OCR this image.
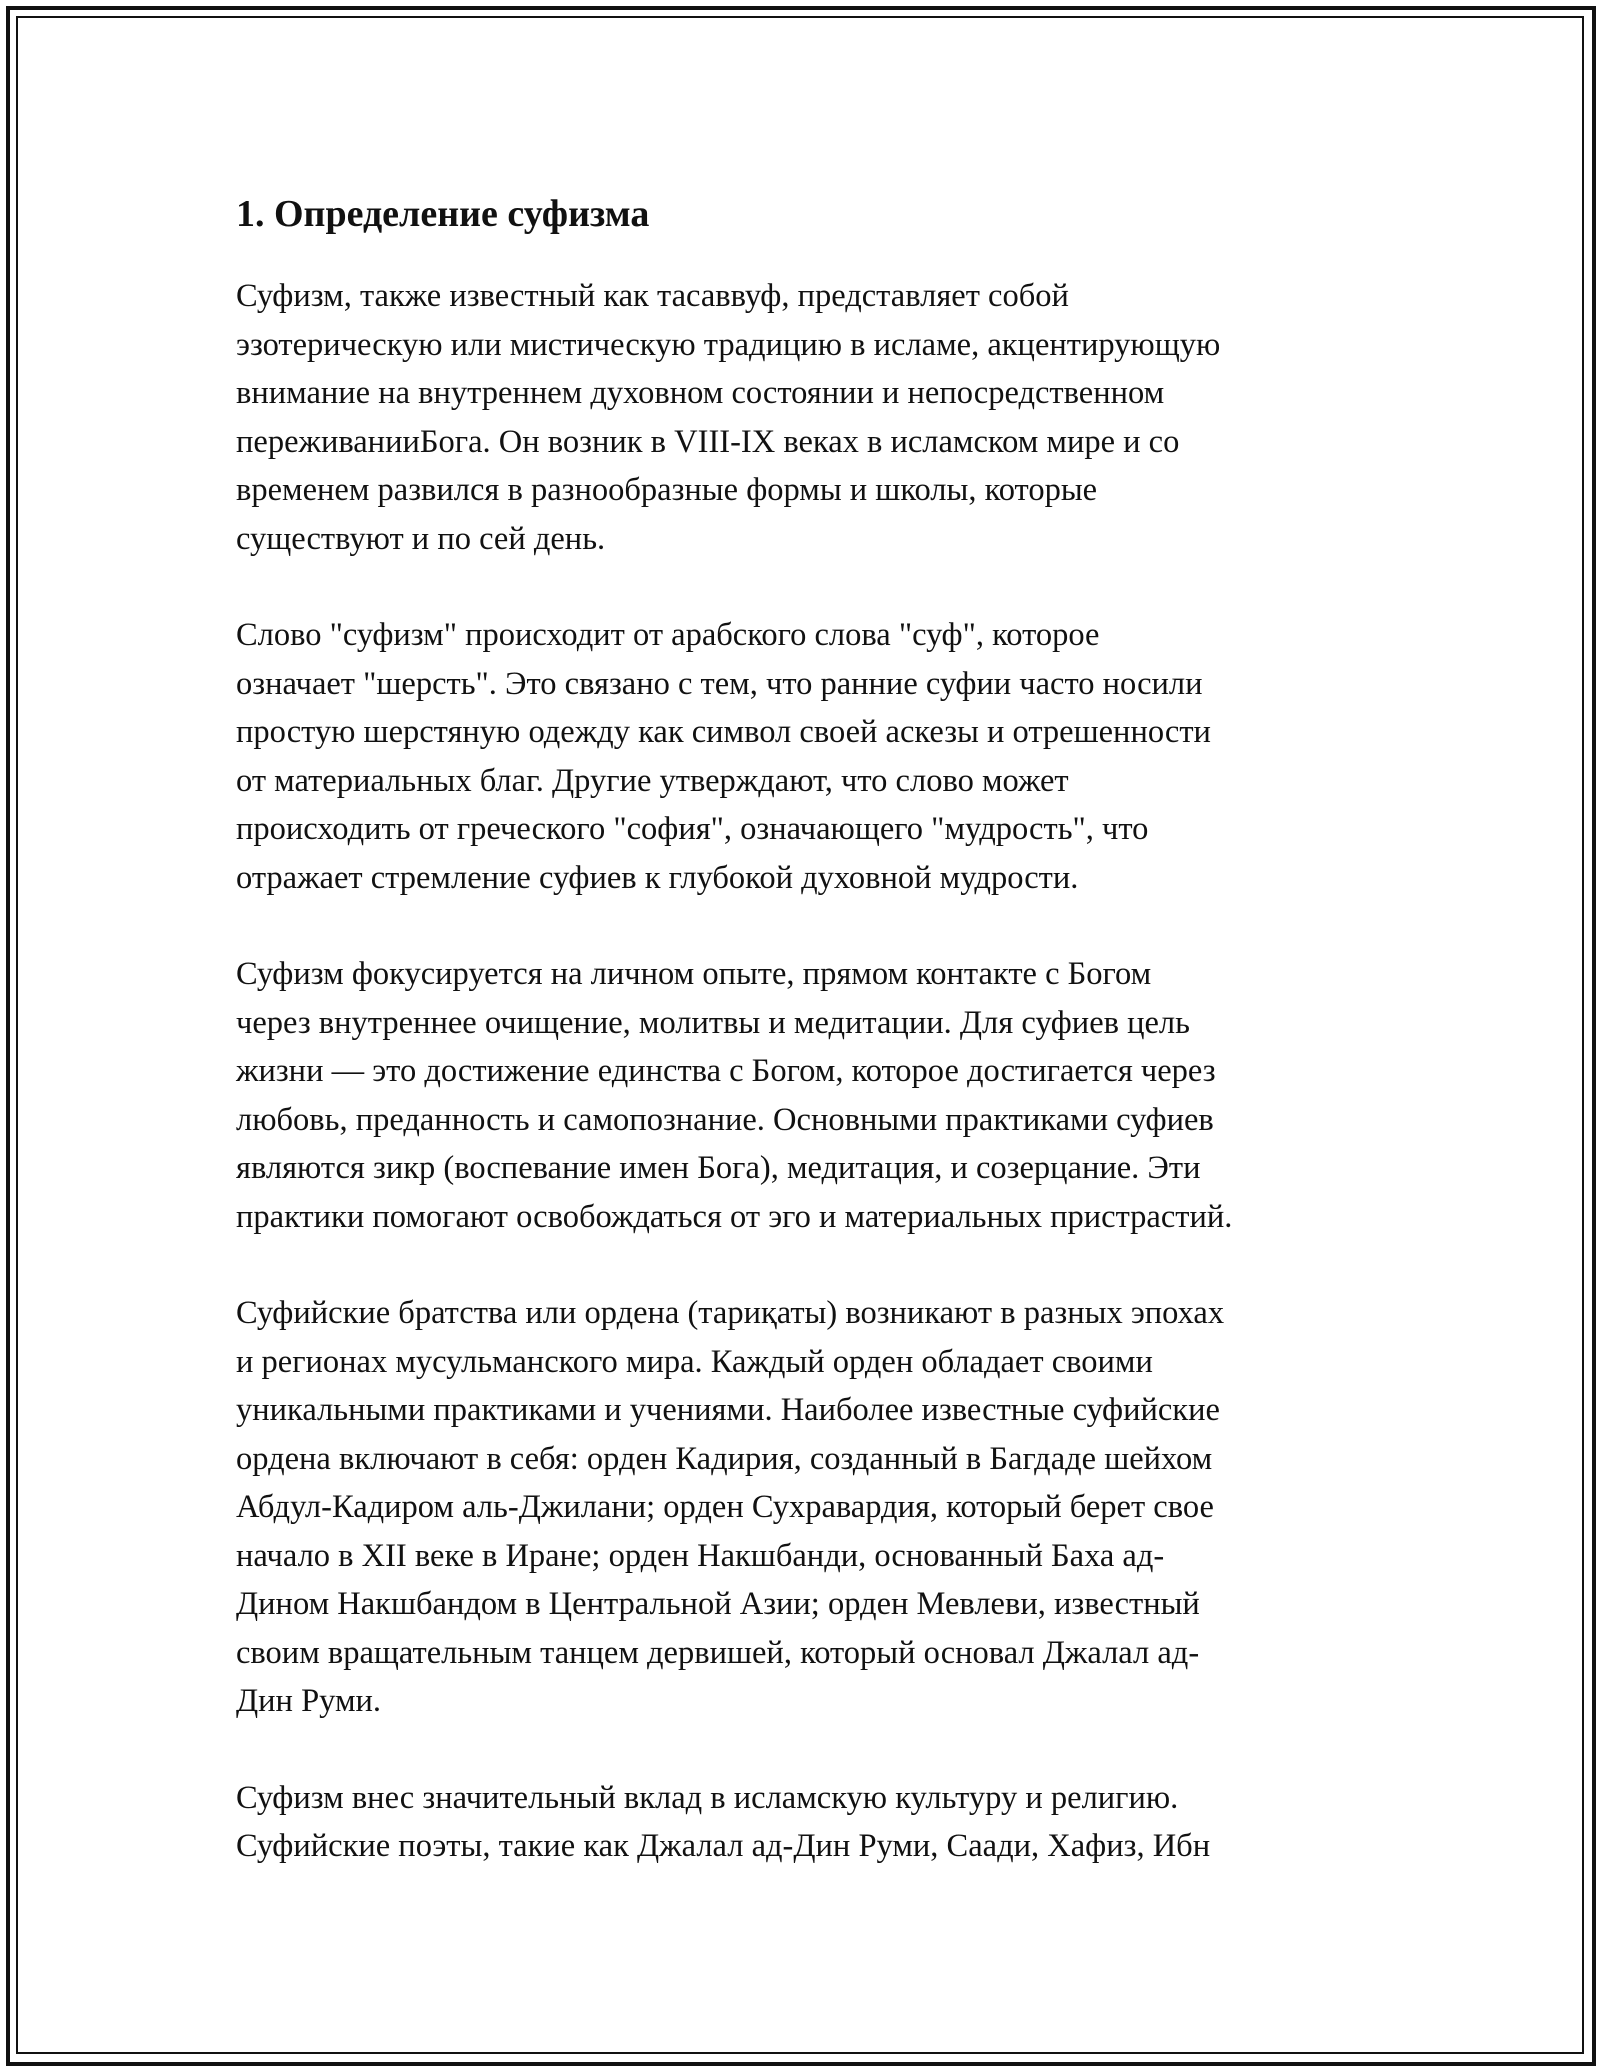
1. Определение суфизма

Суфизм, также известный как тасаввуф, представляет собой
эзотерическую или мистическую традицию в исламе, акцентирующую
внимание на внутреннем духовном состоянии и непосредственном
переживанииБога. Он возник в VIII-IX веках в исламском мире и со
временем развился в разнообразные формы и школы, которые
существуют и по сей день.

Слово "суфизм" происходит от арабского слова "суф", которое
означает "шерсть". Это связано с тем, что ранние суфии часто носили
простую шерстяную одежду как символ своей аскезы и отрешенности
от материальных благ. Другие утверждают, что слово может
происходить от греческого "софия", означающего "мудрость", что
отражает стремление суфиев к глубокой духовной мудрости.

Суфизм фокусируется на личном опыте, прямом контакте с Богом
через внутреннее очищение, молитвы и медитации. Для суфиев цель
жизни — это достижение единства с Богом, которое достигается через
любовь, преданность и самопознание. Основными практиками суфиев
являются зикр (воспевание имен Бога), медитация, и созерцание. Эти
практики помогают освобождаться от эго и материальных пристрастий.

Суфийские братства или ордена (тариқаты) возникают в разных эпохах
и регионах мусульманского мира. Каждый орден обладает своими
уникальными практиками и учениями. Наиболее известные суфийские
ордена включают в себя: орден Кадирия, созданный в Багдаде шейхом
Абдул-Кадиром аль-Джилани; орден Сухравардия, который берет свое
начало в XII веке в Иране; орден Накшбанди, основанный Баха ад-
Дином Накшбандом в Центральной Азии; орден Мевлеви, известный
своим вращательным танцем дервишей, который основал Джалал ад-
Дин Руми.

Суфизм внес значительный вклад в исламскую культуру и религию.
Суфийские поэты, такие как Джалал ад-Дин Руми, Саади, Хафиз, Ибн
